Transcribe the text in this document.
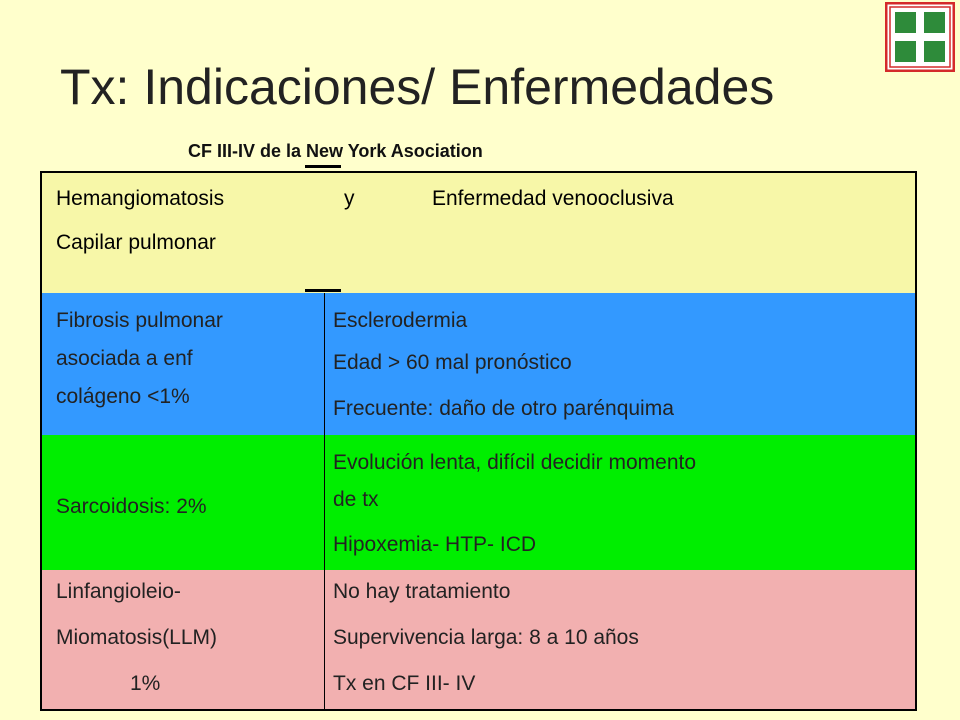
Tx: Indicaciones/ Enfermedades
CF III-IV de la New York Asociation
Hemangiomatosis	y	Enfermedad venooclusiva
Capilar pulmonar
Fibrosis pulmonar
asociada a enf
colágeno <1%
Esclerodermia
Edad > 60 mal pronóstico
Frecuente: daño de otro parénquima
Sarcoidosis: 2%
Evolución lenta, difícil decidir momento
de tx
Hipoxemia- HTP- ICD
Linfangioleio-
Miomatosis(LLM)
1%
No hay tratamiento
Supervivencia larga: 8 a 10 años
Tx en CF III- IV
